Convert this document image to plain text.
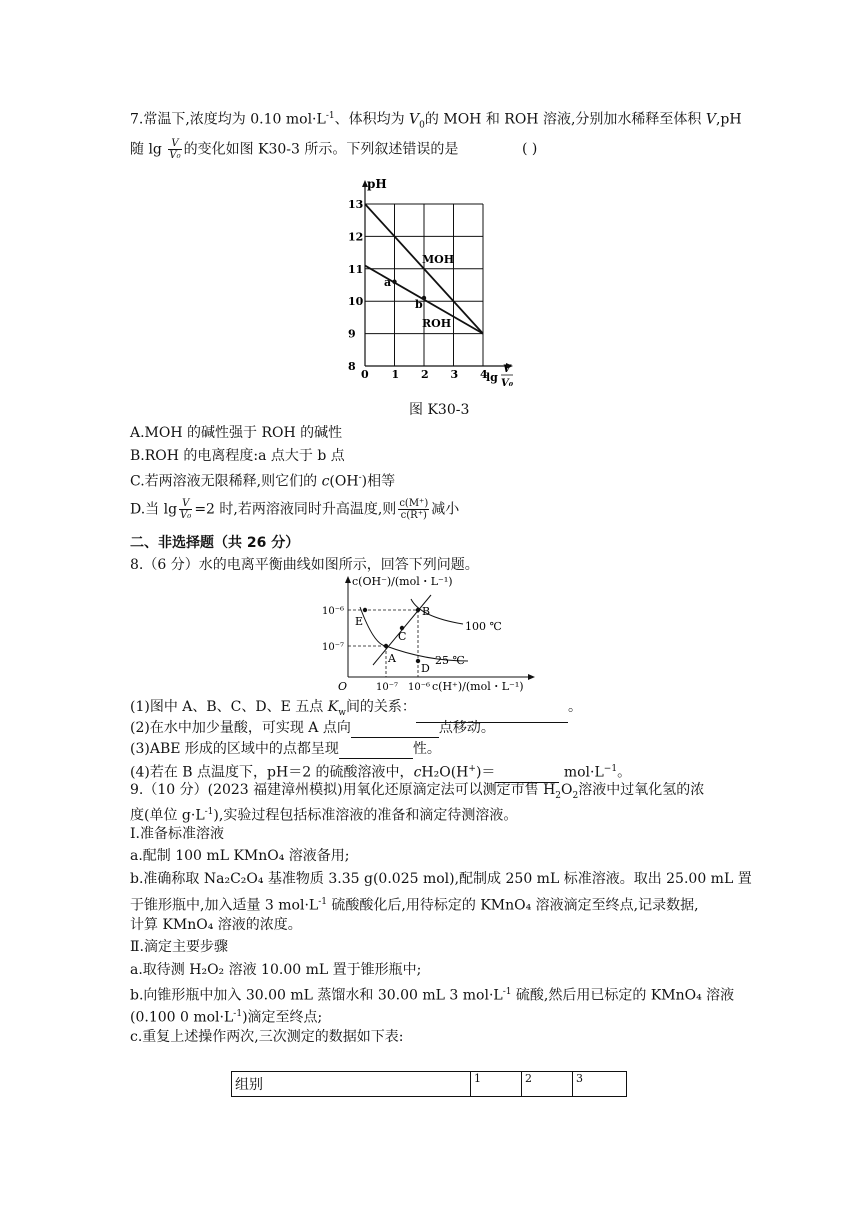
7.常温下,浓度均为 0.10 $mol\cdot L^{-1}$、体积均为 $V_0$的 MOH 和 ROH 溶液,分别加水稀释至体积 V,pH
随 $\lg \frac{V}{\text{V₀}}$ 的变化如图 K30-3 所示。下列叙述错误的是	( )
0 1 2 3 4
8
9
10
11
12
13
pH
lg
V
V₀
MOH
ROH
a
b
图 K30-3
A.MOH 的碱性强于 ROH 的碱性
B.ROH 的电离程度:a 点大于 b 点
C.若两溶液无限稀释,则它们的 c(OH-)相等
D.当 $\lg \frac{V}{\text{V₀}} =2$ 时,若两溶液同时升高温度,则 $\frac{c(M^+)}{c(R^+)}$ 减小
二、非选择题（共 26 分）
8.（6 分）水的电离平衡曲线如图所示，回答下列问题。
c(OH⁻)/(mol・L⁻¹)
c(H⁺)/(mol・L⁻¹)
O
10⁻⁶
10⁻⁷
10⁻⁷ 10⁻⁶
100 ℃
25 ℃
A
B
C
D
E
(1)图中 A、B、C、D、E 五点 $K_w$间的关系：	。
(2)在水中加少量酸，可实现 A 点向	点移动。
(3)ABE 形成的区域中的点都呈现	性。
(4)若在 B 点温度下，pH＝2 的硫酸溶液中，cH₂O(H+)＝	$mol\cdot L^{-1}$。
9.（10 分）(2023 福建漳州模拟)用氧化还原滴定法可以测定市售 $H_2O_2$溶液中过氧化氢的浓
度(单位 $g\cdot L^{-1}$),实验过程包括标准溶液的准备和滴定待测溶液。
Ⅰ.准备标准溶液
a.配制 100 mL KMnO₄ 溶液备用;
b.准确称取 Na₂C₂O₄ 基准物质 3.35 g(0.025 mol),配制成 250 mL 标准溶液。取出 25.00 mL 置
于锥形瓶中,加入适量 3 $mol\cdot L^{-1}$ 硫酸酸化后,用待标定的 KMnO₄ 溶液滴定至终点,记录数据,
计算 KMnO₄ 溶液的浓度。
Ⅱ.滴定主要步骤
a.取待测 H₂O₂ 溶液 10.00 mL 置于锥形瓶中;
b.向锥形瓶中加入 30.00 mL 蒸馏水和 30.00 mL 3 $mol\cdot L^{-1}$ 硫酸,然后用已标定的 KMnO₄ 溶液
(0.100 0 $mol\cdot L^{-1}$)滴定至终点;
c.重复上述操作两次,三次测定的数据如下表:
组别	1	2	3
